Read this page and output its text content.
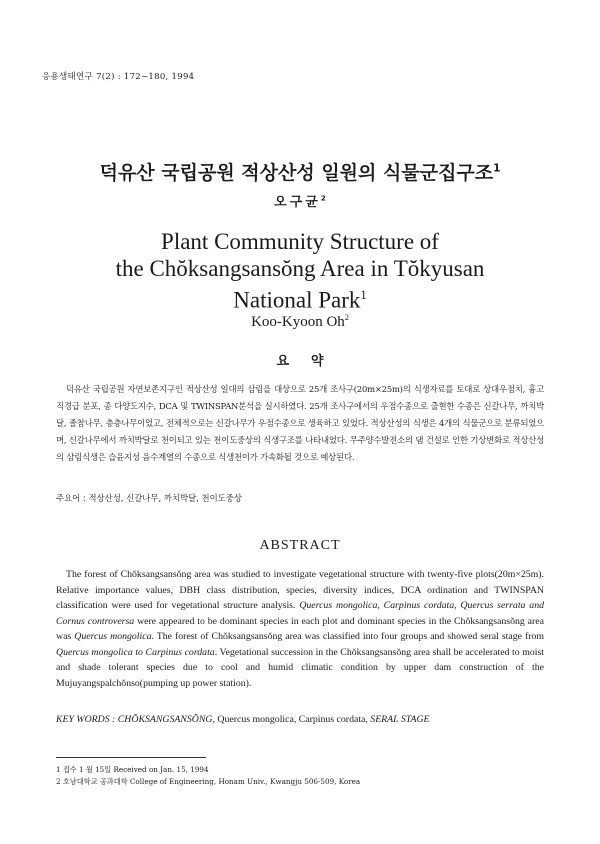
응용생태연구 7(2) : 172~180, 1994
덕유산 국립공원 적상산성 일원의 식물군집구조$^1$
오구균$^2$
Plant Community Structure of
the Chŏksangsansŏng Area in Tŏkyusan
National Park$^1$
Koo-Kyoon Oh$^2$
요약
덕유산 국립공원 자연보존지구인 적상산성 일대의 삼림을 대상으로 25개 조사구(20m×25m)의 식생자료를 토대로 상대우점치, 흉고 직경급 분포, 종 다양도지수, DCA 및 TWINSPAN분석을 실시하였다. 25개 조사구에서의 우점수종으로 출현한 수종은 신갈나무, 까치박달, 졸참나무, 층층나무이었고, 전체적으로는 신갈나무가 우점수종으로 생육하고 있었다. 적상산성의 식생은 4개의 식물군으로 분류되었으며, 신갈나무에서 까치박달로 천이되고 있는 천이도중상의 식생구조를 나타내었다. 무주양수발전소의 댐 건설로 인한 기상변화로 적상산성의 삼림식생은 습윤지성 음수계열의 수종으로 식생천이가 가속화될 것으로 예상된다.
주요어 : 적상산성, 신갈나무, 까치박달, 천이도중상
ABSTRACT
The forest of Chŏksangsansŏng area was studied to investigate vegetational structure with twenty-five plots(20m×25m). Relative importance values, DBH class distribution, species, diversity indices, DCA ordination and TWINSPAN classification were used for vegetational structure analysis. Quercus mongolica, Carpinus cordata, Quercus serrata and Cornus controversa were appeared to be dominant species in each plot and dominant species in the Chŏksangsansŏng area was Quercus mongolica. The forest of Chŏksangsansŏng area was classified into four groups and showed seral stage from Quercus mongolica to Carpinus cordata. Vegetational succession in the Chŏksangsansŏng area shall be accelerated to moist and shade tolerant species due to cool and humid climatic condition by upper dam construction of the Mujuyangspalchŏnso(pumping up power station).
KEY WORDS : CHŎKSANGSANSŎNG, Quercus mongolica, Carpinus cordata, SERAL STAGE
1 접수 1 월 15일 Received on Jan. 15, 1994
2 호남대학교 공과대학 College of Engineering, Honam Univ., Kwangju 506-509, Korea
